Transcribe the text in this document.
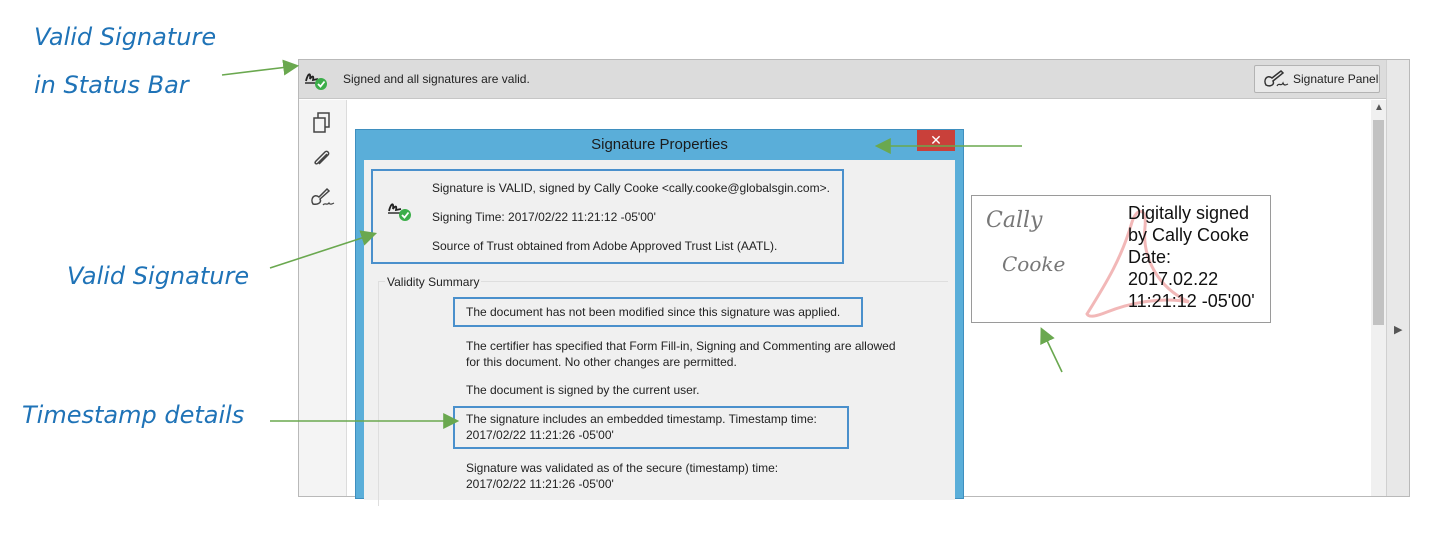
Valid Signature
in Status Bar
Valid Signature
Timestamp details
Signed and all signatures are valid.	Signature Panel
▲
▶
Signature Properties	✕
Signature is VALID, signed by Cally Cooke <cally.cooke@globalsgin.com>.
Signing Time: 2017/02/22 11:21:12 -05'00'
Source of Trust obtained from Adobe Approved Trust List (AATL).
Validity Summary
The document has not been modified since this signature was applied.
The certifier has specified that Form Fill-in, Signing and Commenting are allowed
for this document. No other changes are permitted.
The document is signed by the current user.
The signature includes an embedded timestamp. Timestamp time:
2017/02/22 11:21:26 -05'00'
Signature was validated as of the secure (timestamp) time:
2017/02/22 11:21:26 -05'00'
Cally
Cooke
Digitally signed
by Cally Cooke
Date:
2017.02.22
11:21:12 -05'00'
